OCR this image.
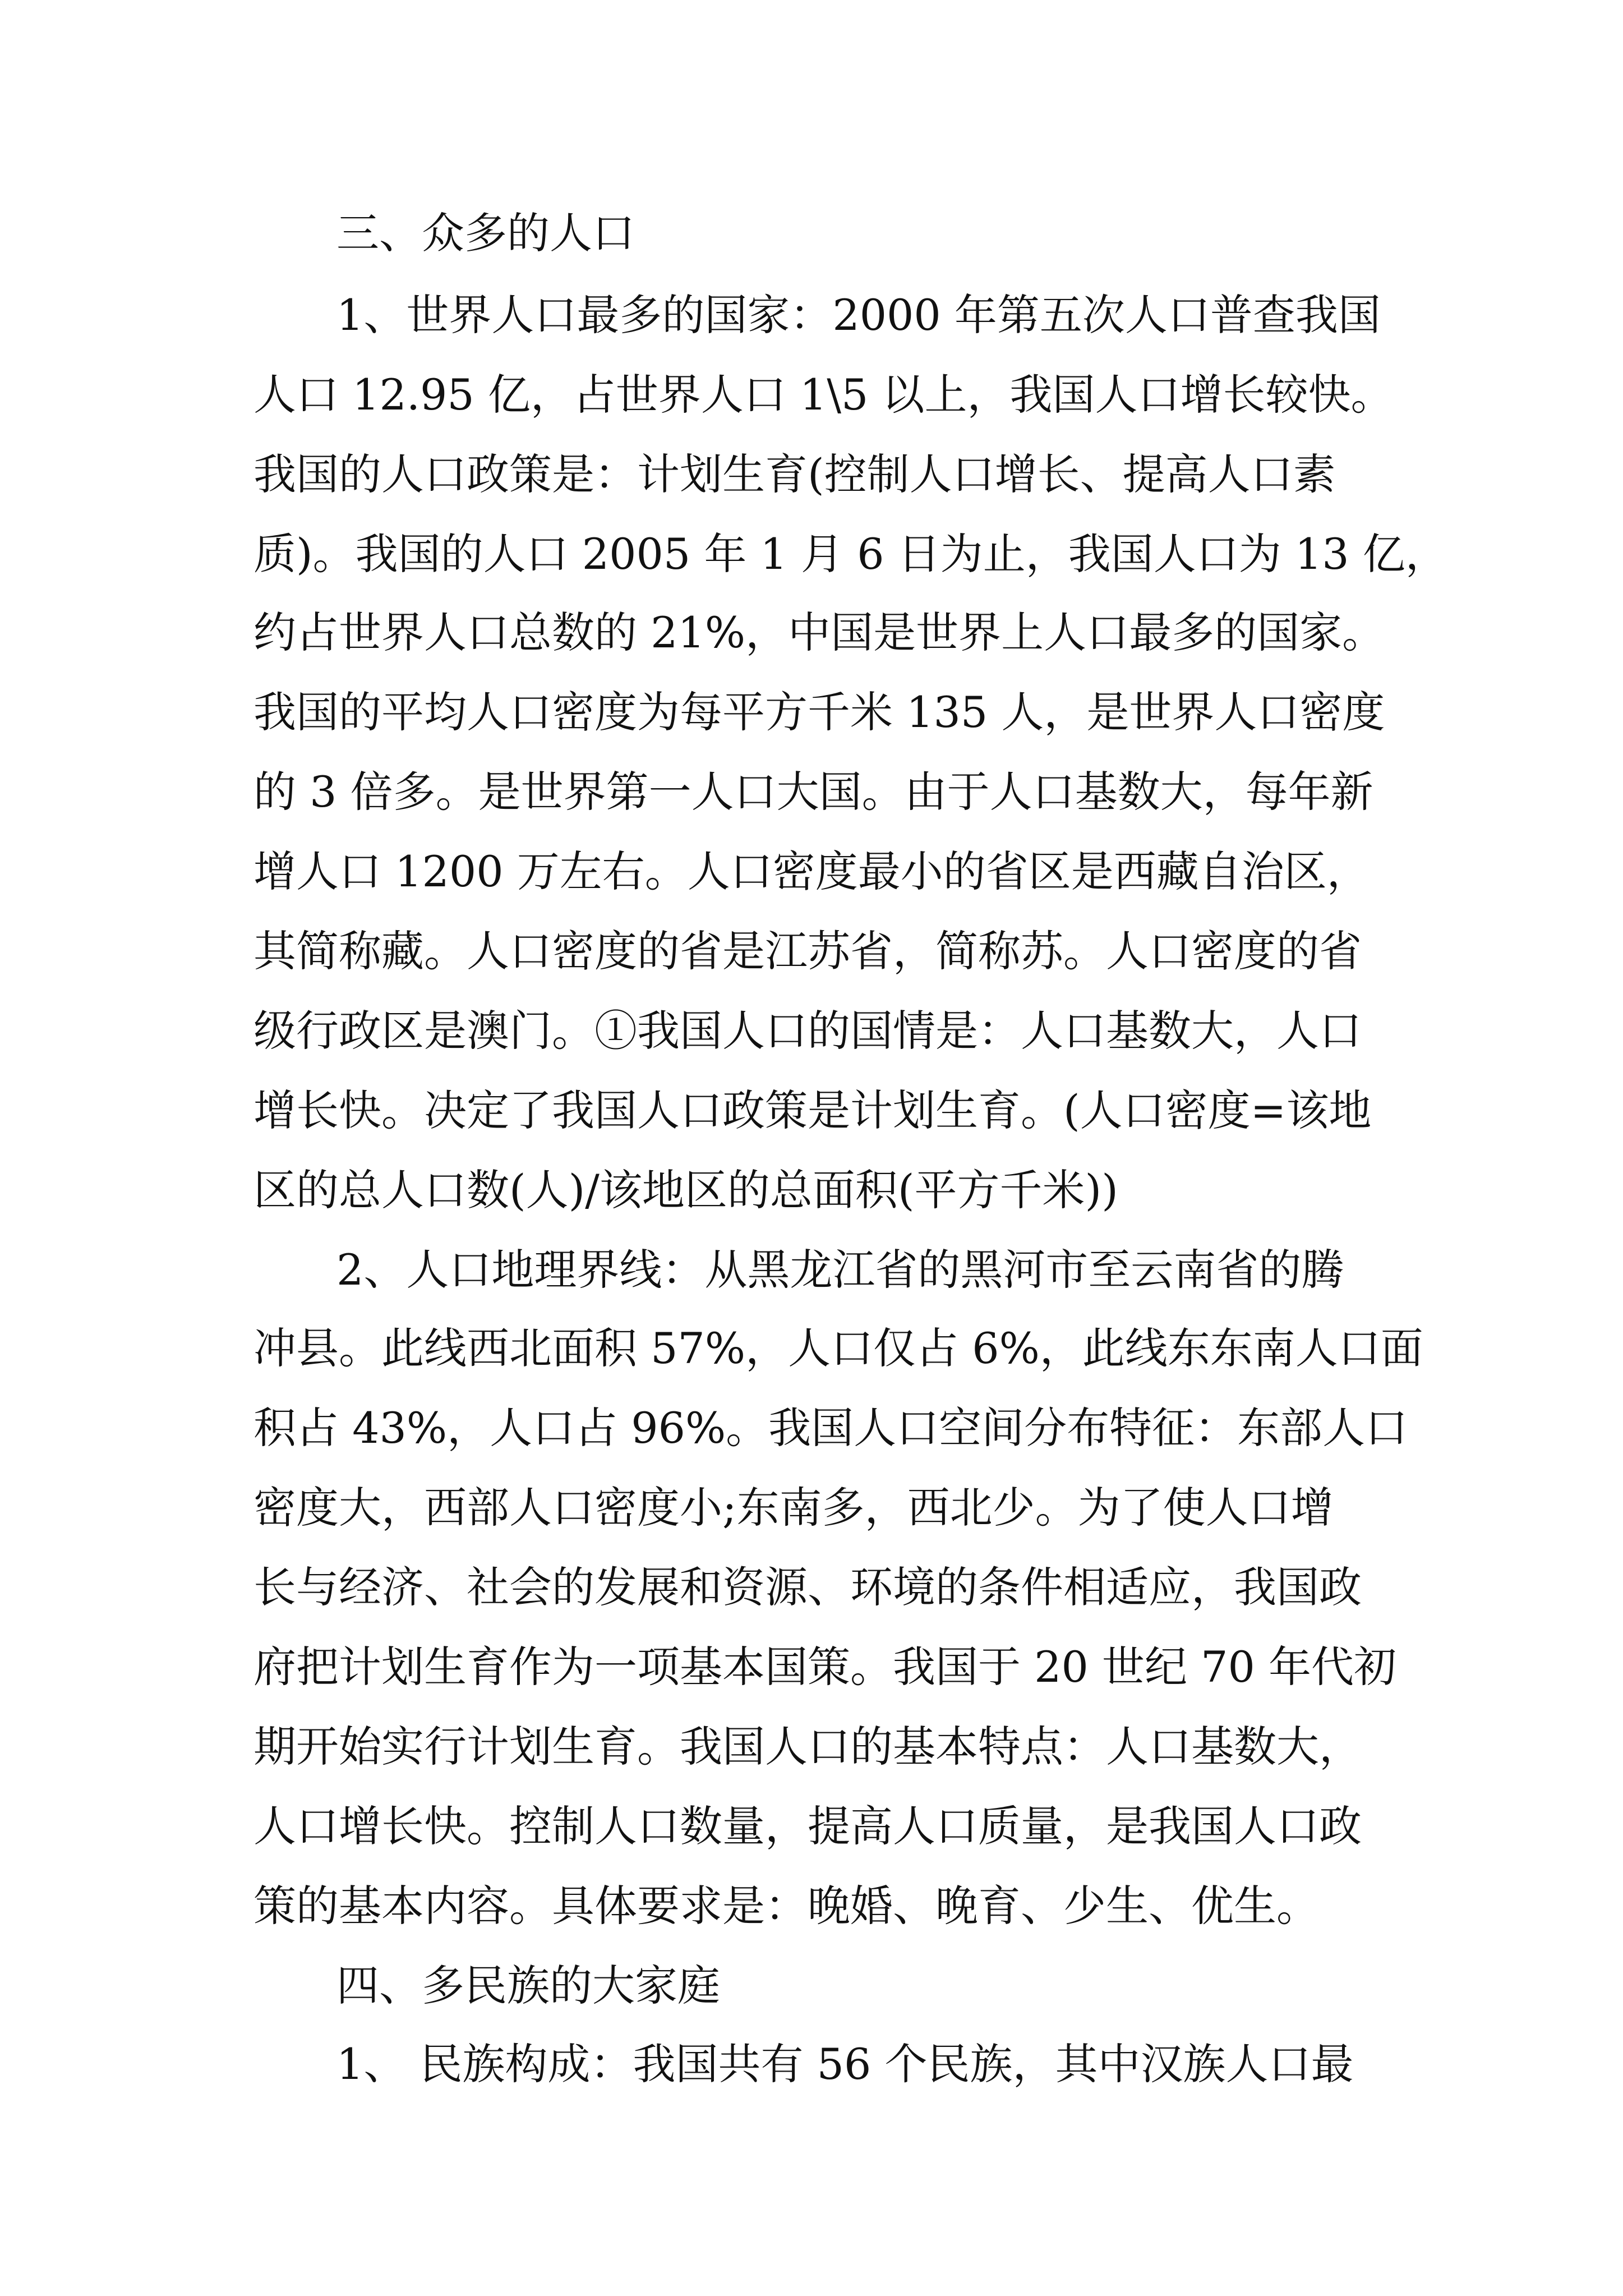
三、众多的人口
1、世界人口最多的国家：2000 年第五次人口普查我国
人口 12.95 亿，占世界人口 1\5 以上，我国人口增长较快。
我国的人口政策是：计划生育(控制人口增长、提高人口素
质)。我国的人口 2005 年 1 月 6 日为止，我国人口为 13 亿，
约占世界人口总数的 21%，中国是世界上人口最多的国家。
我国的平均人口密度为每平方千米 135 人，是世界人口密度
的 3 倍多。是世界第一人口大国。由于人口基数大，每年新
增人口 1200 万左右。人口密度最小的省区是西藏自治区，
其简称藏。人口密度的省是江苏省，简称苏。人口密度的省
级行政区是澳门。①我国人口的国情是：人口基数大，人口
增长快。决定了我国人口政策是计划生育。(人口密度=该地
区的总人口数(人)/该地区的总面积(平方千米))
2、人口地理界线：从黑龙江省的黑河市至云南省的腾
冲县。此线西北面积 57%，人口仅占 6%，此线东东南人口面
积占 43%，人口占 96%。我国人口空间分布特征：东部人口
密度大，西部人口密度小;东南多，西北少。为了使人口增
长与经济、社会的发展和资源、环境的条件相适应，我国政
府把计划生育作为一项基本国策。我国于 20 世纪 70 年代初
期开始实行计划生育。我国人口的基本特点：人口基数大，
人口增长快。控制人口数量，提高人口质量，是我国人口政
策的基本内容。具体要求是：晚婚、晚育、少生、优生。
四、多民族的大家庭
1、 民族构成：我国共有 56 个民族，其中汉族人口最
